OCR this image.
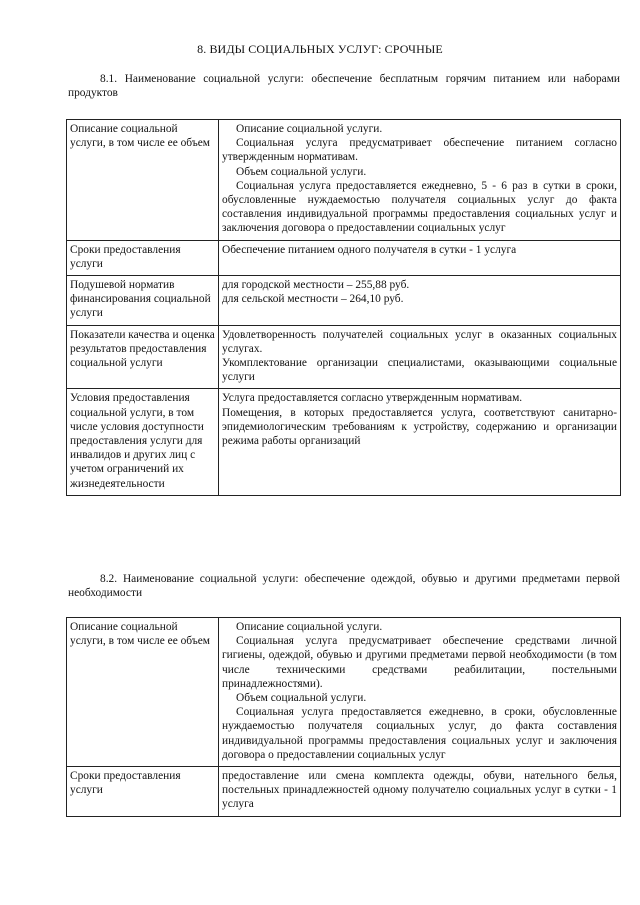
8. ВИДЫ СОЦИАЛЬНЫХ УСЛУГ: СРОЧНЫЕ
8.1. Наименование социальной услуги: обеспечение бесплатным горячим питанием или наборами продуктов
Описание социальной услуги, в том числе ее объем	Описание социальной услуги.
Социальная услуга предусматривает обеспечение питанием согласно утвержденным нормативам.
Объем социальной услуги.
Социальная услуга предоставляется ежедневно, 5 - 6 раз в сутки в сроки, обусловленные нуждаемостью получателя социальных услуг до факта составления индивидуальной программы предоставления социальных услуг и заключения договора о предоставлении социальных услуг

Сроки предоставления услуги	Обеспечение питанием одного получателя в сутки - 1 услуга

Подушевой норматив финансирования социальной услуги	для городской местности – 255,88 руб.
для сельской местности – 264,10 руб.

Показатели качества и оценка результатов предоставления социальной услуги	Удовлетворенность получателей социальных услуг в оказанных социальных услугах.
Укомплектование организации специалистами, оказывающими социальные услуги

Условия предоставления социальной услуги, в том числе условия доступности предоставления услуги для инвалидов и других лиц с учетом ограничений их жизнедеятельности	Услуга предоставляется согласно утвержденным нормативам.
Помещения, в которых предоставляется услуга, соответствуют санитарно-эпидемиологическим требованиям к устройству, содержанию и организации режима работы организаций
8.2. Наименование социальной услуги: обеспечение одеждой, обувью и другими предметами первой необходимости
Описание социальной услуги, в том числе ее объем	Описание социальной услуги.
Социальная услуга предусматривает обеспечение средствами личной гигиены, одеждой, обувью и другими предметами первой необходимости (в том числе техническими средствами реабилитации, постельными принадлежностями).
Объем социальной услуги.
Социальная услуга предоставляется ежедневно, в сроки, обусловленные нуждаемостью получателя социальных услуг, до факта составления индивидуальной программы предоставления социальных услуг и заключения договора о предоставлении социальных услуг

Сроки предоставления услуги	предоставление или смена комплекта одежды, обуви, нательного белья, постельных принадлежностей одному получателю социальных услуг в сутки - 1 услуга
